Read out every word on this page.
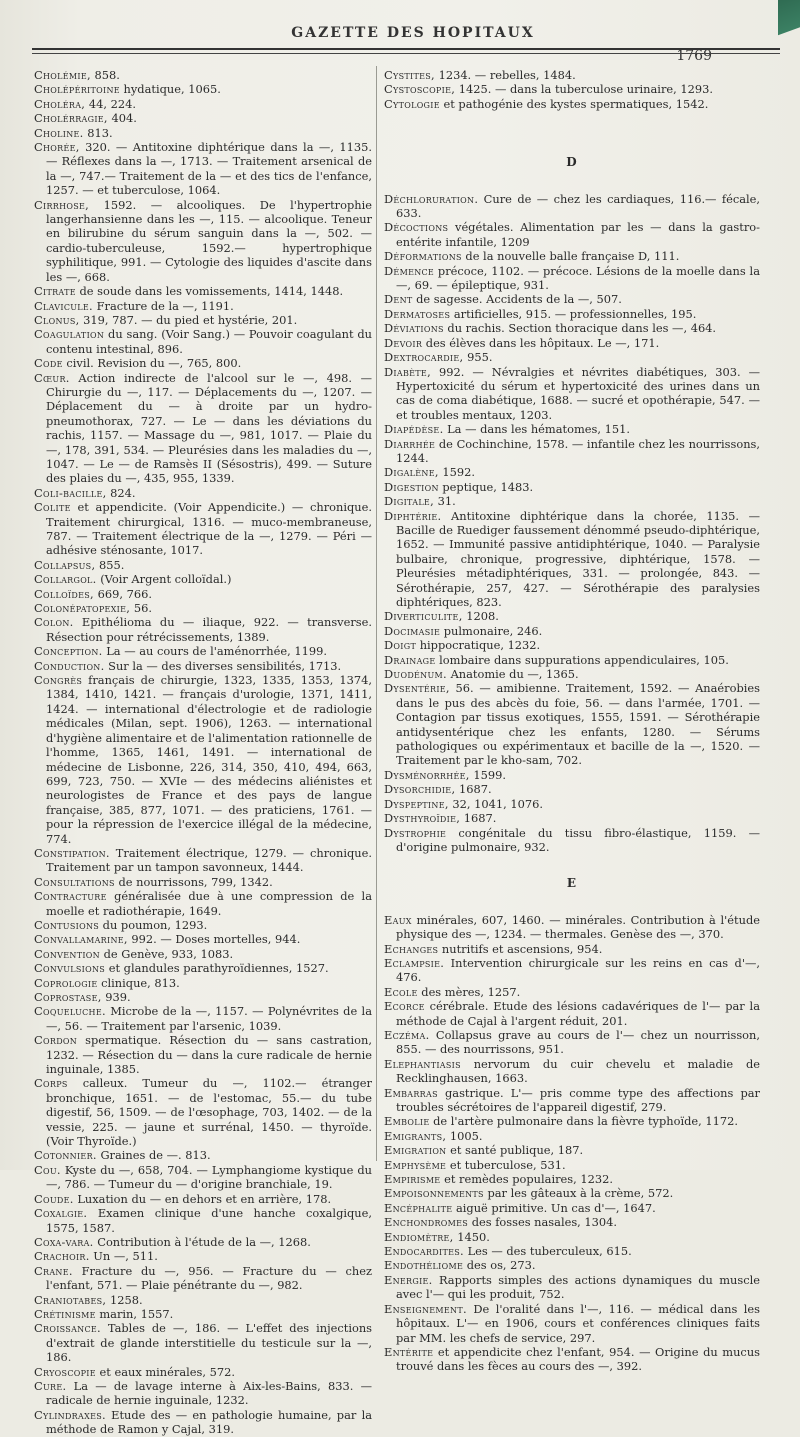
GAZETTE DES HOPITAUX
1769
Cholémie, 858.
Cholépéritoine hydatique, 1065.
Choléra, 44, 224.
Cholérragie, 404.
Choline. 813.
Chorée, 320. — Antitoxine diphtérique dans la —, 1135. — Réflexes dans la —, 1713. — Traitement arsenical de la —, 747.— Traitement de la — et des tics de l'enfance, 1257. — et tuberculose, 1064.
Cirrhose, 1592. — alcooliques. De l'hypertrophie langerhansienne dans les —, 115. — alcoolique. Teneur en bilirubine du sérum sanguin dans la —, 502. — cardio-tuberculeuse, 1592.— hypertrophique syphilitique, 991. — Cytologie des liquides d'ascite dans les —, 668.
Citrate de soude dans les vomissements, 1414, 1448.
Clavicule. Fracture de la —, 1191.
Clonus, 319, 787. — du pied et hystérie, 201.
Coagulation du sang. (Voir Sang.) — Pouvoir coagulant du contenu intestinal, 896.
Code civil. Revision du —, 765, 800.
Cœur. Action indirecte de l'alcool sur le —, 498. — Chirurgie du —, 117. — Déplacements du —, 1207. — Déplacement du — à droite par un hydro-pneumothorax, 727. — Le — dans les déviations du rachis, 1157. — Massage du —, 981, 1017. — Plaie du —, 178, 391, 534. — Pleurésies dans les maladies du —, 1047. — Le — de Ramsès II (Sésostris), 499. — Suture des plaies du —, 435, 955, 1339.
Coli-bacille, 824.
Colite et appendicite. (Voir Appendicite.) — chronique. Traitement chirurgical, 1316. — muco-membraneuse, 787. — Traitement électrique de la —, 1279. — Péri — adhésive sténosante, 1017.
Collapsus, 855.
Collargol. (Voir Argent colloïdal.)
Colloïdes, 669, 766.
Colonépatopexie, 56.
Colon. Epithélioma du — iliaque, 922. — transverse. Résection pour rétrécissements, 1389.
Conception. La — au cours de l'aménorrhée, 1199.
Conduction. Sur la — des diverses sensibilités, 1713.
Congrès français de chirurgie, 1323, 1335, 1353, 1374, 1384, 1410, 1421. — français d'urologie, 1371, 1411, 1424. — international d'électrologie et de radiologie médicales (Milan, sept. 1906), 1263. — international d'hygiène alimentaire et de l'alimentation rationnelle de l'homme, 1365, 1461, 1491. — international de médecine de Lisbonne, 226, 314, 350, 410, 494, 663, 699, 723, 750. — XVIe — des médecins aliénistes et neurologistes de France et des pays de langue française, 385, 877, 1071. — des praticiens, 1761. — pour la répression de l'exercice illégal de la médecine, 774.
Constipation. Traitement électrique, 1279. — chronique. Traitement par un tampon savonneux, 1444.
Consultations de nourrissons, 799, 1342.
Contracture généralisée due à une compression de la moelle et radiothérapie, 1649.
Contusions du poumon, 1293.
Convallamarine, 992. — Doses mortelles, 944.
Convention de Genève, 933, 1083.
Convulsions et glandules parathyroïdiennes, 1527.
Coprologie clinique, 813.
Coprostase, 939.
Coqueluche. Microbe de la —, 1157. — Polynévrites de la —, 56. — Traitement par l'arsenic, 1039.
Cordon spermatique. Résection du — sans castration, 1232. — Résection du — dans la cure radicale de hernie inguinale, 1385.
Corps calleux. Tumeur du —, 1102.— étranger bronchique, 1651. — de l'estomac, 55.— du tube digestif, 56, 1509. — de l'œsophage, 703, 1402. — de la vessie, 225. — jaune et surrénal, 1450. — thyroïde. (Voir Thyroïde.)
Cotonnier. Graines de —. 813.
Cou. Kyste du —, 658, 704. — Lymphangiome kystique du —, 786. — Tumeur du — d'origine branchiale, 19.
Coude. Luxation du — en dehors et en arrière, 178.
Coxalgie. Examen clinique d'une hanche coxalgique, 1575, 1587.
Coxa-vara. Contribution à l'étude de la —, 1268.
Crachoir. Un —, 511.
Crane. Fracture du —, 956. — Fracture du — chez l'enfant, 571. — Plaie pénétrante du —, 982.
Craniotabes, 1258.
Crétinisme marin, 1557.
Croissance. Tables de —, 186. — L'effet des injections d'extrait de glande interstitielle du testicule sur la —, 186.
Cryoscopie et eaux minérales, 572.
Cure. La — de lavage interne à Aix-les-Bains, 833. — radicale de hernie inguinale, 1232.
Cylindraxes. Etude des — en pathologie humaine, par la méthode de Ramon y Cajal, 319.
Cystites, 1234. — rebelles, 1484.
Cystoscopie, 1425. — dans la tuberculose urinaire, 1293.
Cytologie et pathogénie des kystes spermatiques, 1542.
D
Déchloruration. Cure de — chez les cardiaques, 116.— fécale, 633.
Décoctions végétales. Alimentation par les — dans la gastro-entérite infantile, 1209
Déformations de la nouvelle balle française D, 111.
Démence précoce, 1102. — précoce. Lésions de la moelle dans la —, 69. — épileptique, 931.
Dent de sagesse. Accidents de la —, 507.
Dermatoses artificielles, 915. — professionnelles, 195.
Déviations du rachis. Section thoracique dans les —, 464.
Devoir des élèves dans les hôpitaux. Le —, 171.
Dextrocardie, 955.
Diabète, 992. — Névralgies et névrites diabétiques, 303. — Hypertoxicité du sérum et hypertoxicité des urines dans un cas de coma diabétique, 1688. — sucré et opothérapie, 547. — et troubles mentaux, 1203.
Diapédèse. La — dans les hématomes, 151.
Diarrhée de Cochinchine, 1578. — infantile chez les nourrissons, 1244.
Digalène, 1592.
Digestion peptique, 1483.
Digitale, 31.
Diphtérie. Antitoxine diphtérique dans la chorée, 1135. — Bacille de Ruediger faussement dénommé pseudo-diphtérique, 1652. — Immunité passive antidiphtérique, 1040. — Paralysie bulbaire, chronique, progressive, diphtérique, 1578. — Pleurésies métadiphtériques, 331. — prolongée, 843. — Sérothérapie, 257, 427. — Sérothérapie des paralysies diphtériques, 823.
Diverticulite, 1208.
Docimasie pulmonaire, 246.
Doigt hippocratique, 1232.
Drainage lombaire dans suppurations appendiculaires, 105.
Duodénum. Anatomie du —, 1365.
Dysentérie, 56. — amibienne. Traitement, 1592. — Anaérobies dans le pus des abcès du foie, 56. — dans l'armée, 1701. — Contagion par tissus exotiques, 1555, 1591. — Sérothérapie antidysentérique chez les enfants, 1280. — Sérums pathologiques ou expérimentaux et bacille de la —, 1520. — Traitement par le kho-sam, 702.
Dysménorrhée, 1599.
Dysorchidie, 1687.
Dyspeptine, 32, 1041, 1076.
Dysthyroïdie, 1687.
Dystrophie congénitale du tissu fibro-élastique, 1159. — d'origine pulmonaire, 932.
E
Eaux minérales, 607, 1460. — minérales. Contribution à l'étude physique des —, 1234. — thermales. Genèse des —, 370.
Echanges nutritifs et ascensions, 954.
Eclampsie. Intervention chirurgicale sur les reins en cas d'—, 476.
Ecole des mères, 1257.
Ecorce cérébrale. Etude des lésions cadavériques de l'— par la méthode de Cajal à l'argent réduit, 201.
Eczéma. Collapsus grave au cours de l'— chez un nourrisson, 855. — des nourrissons, 951.
Elephantiasis nervorum du cuir chevelu et maladie de Recklinghausen, 1663.
Embarras gastrique. L'— pris comme type des affections par troubles sécrétoires de l'appareil digestif, 279.
Embolie de l'artère pulmonaire dans la fièvre typhoïde, 1172.
Emigrants, 1005.
Emigration et santé publique, 187.
Emphysème et tuberculose, 531.
Empirisme et remèdes populaires, 1232.
Empoisonnements par les gâteaux à la crème, 572.
Encéphalite aiguë primitive. Un cas d'—, 1647.
Enchondromes des fosses nasales, 1304.
Endiomètre, 1450.
Endocardites. Les — des tuberculeux, 615.
Endothéliome des os, 273.
Energie. Rapports simples des actions dynamiques du muscle avec l'— qui les produit, 752.
Enseignement. De l'oralité dans l'—, 116. — médical dans les hôpitaux. L'— en 1906, cours et conférences cliniques faits par MM. les chefs de service, 297.
Entérite et appendicite chez l'enfant, 954. — Origine du mucus trouvé dans les fèces au cours des —, 392.
